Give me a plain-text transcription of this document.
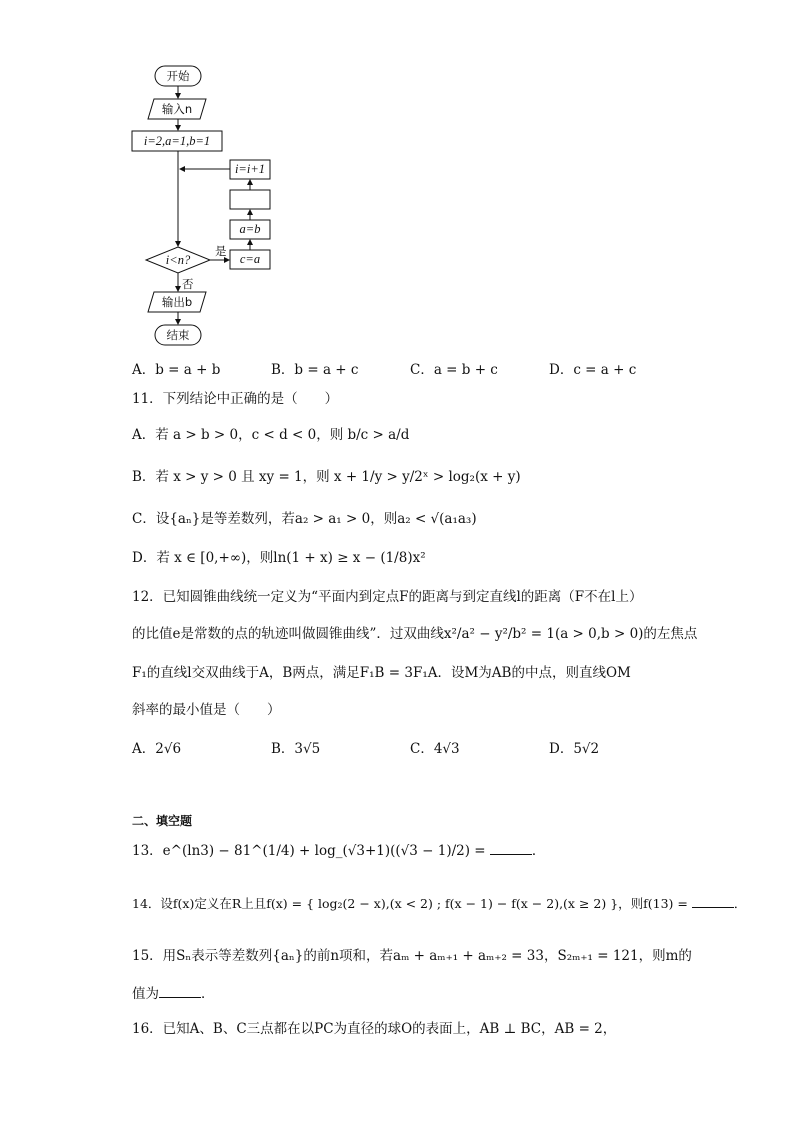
开始
输入n
i=2,a=1,b=1
i=i+1
a=b
c=a
i<n?
是
否
输出b
结束
A．b = a + b	B．b = a + c	C．a = b + c	D．c = a + c
11．下列结论中正确的是（　　）
A．若 a > b > 0，c < d < 0，则 b/c > a/d
B．若 x > y > 0 且 xy = 1，则 x + 1/y > y/2ˣ > log₂(x + y)
C．设{aₙ}是等差数列，若a₂ > a₁ > 0，则a₂ < √(a₁a₃)
D．若 x ∈ [0,+∞)，则ln(1 + x) ≥ x − (1/8)x²
12．已知圆锥曲线统一定义为“平面内到定点F的距离与到定直线l的距离（F不在l上）
的比值e是常数的点的轨迹叫做圆锥曲线”．过双曲线x²/a² − y²/b² = 1(a > 0,b > 0)的左焦点
F₁的直线l交双曲线于A，B两点，满足F₁B = 3F₁A．设M为AB的中点，则直线OM
斜率的最小值是（　　）
A．2√6	B．3√5	C．4√3	D．5√2
二、填空题
13．e^(ln3) − 81^(1/4) + log_(√3+1)((√3 − 1)/2) =	．
14．设f(x)定义在R上且f(x) = { log₂(2 − x),(x < 2) ; f(x − 1) − f(x − 2),(x ≥ 2) }，则f(13) =	．
15．用Sₙ表示等差数列{aₙ}的前n项和，若aₘ + aₘ₊₁ + aₘ₊₂ = 33，S₂ₘ₊₁ = 121，则m的
值为	．
16．已知A、B、C三点都在以PC为直径的球O的表面上，AB ⊥ BC，AB = 2，
